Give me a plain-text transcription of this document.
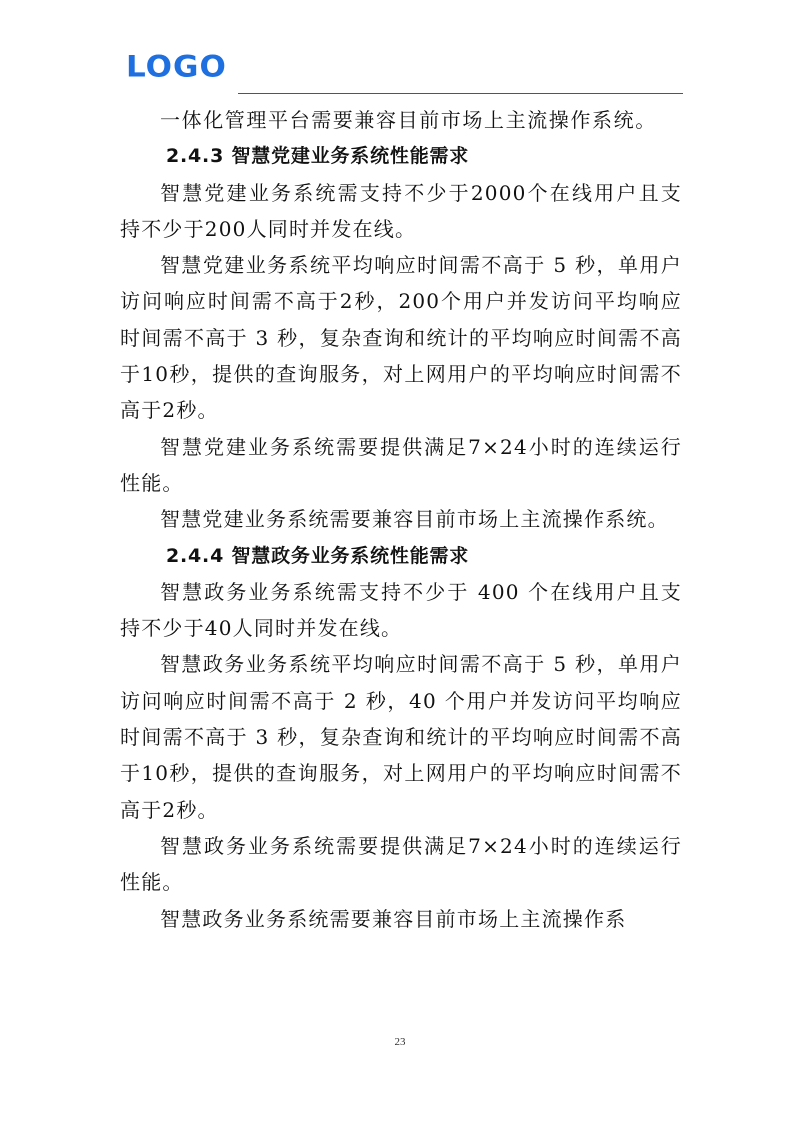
LOGO

一体化管理平台需要兼容目前市场上主流操作系统。

2.4.3 智慧党建业务系统性能需求

智慧党建业务系统需支持不少于2000个在线用户且支持不少于200人同时并发在线。

智慧党建业务系统平均响应时间需不高于 5 秒，单用户访问响应时间需不高于2秒，200个用户并发访问平均响应时间需不高于 3 秒，复杂查询和统计的平均响应时间需不高于10秒，提供的查询服务，对上网用户的平均响应时间需不高于2秒。

智慧党建业务系统需要提供满足7×24小时的连续运行性能。

智慧党建业务系统需要兼容目前市场上主流操作系统。

2.4.4 智慧政务业务系统性能需求

智慧政务业务系统需支持不少于 400 个在线用户且支持不少于40人同时并发在线。

智慧政务业务系统平均响应时间需不高于 5 秒，单用户访问响应时间需不高于 2 秒，40 个用户并发访问平均响应时间需不高于 3 秒，复杂查询和统计的平均响应时间需不高于10秒，提供的查询服务，对上网用户的平均响应时间需不高于2秒。

智慧政务业务系统需要提供满足7×24小时的连续运行性能。

智慧政务业务系统需要兼容目前市场上主流操作系

23
